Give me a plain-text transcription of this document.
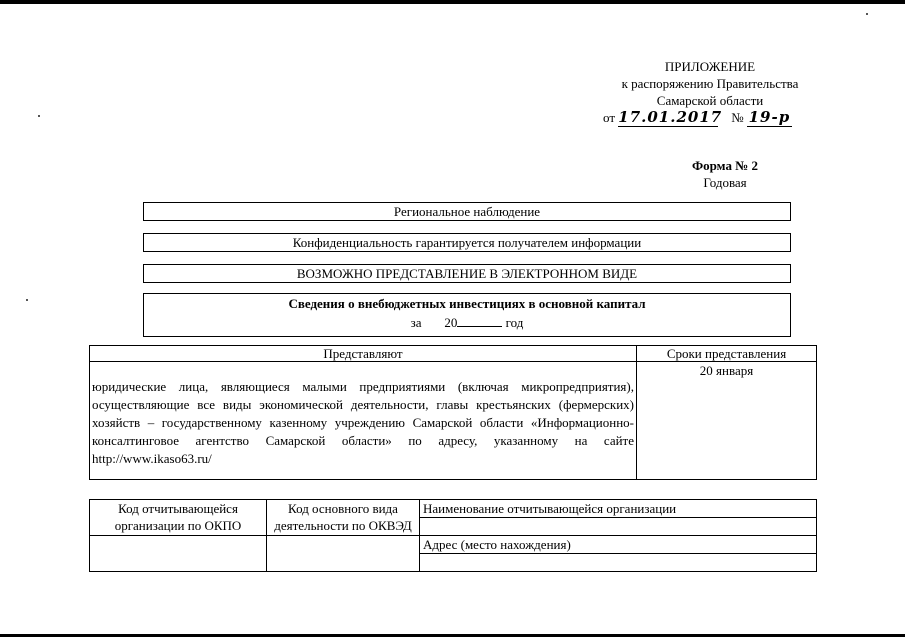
ПРИЛОЖЕНИЕ
к распоряжению Правительства
Самарской области
от 17.01.2017 № 19-р
Форма № 2
Годовая
Региональное наблюдение
Конфиденциальность гарантируется получателем информации
ВОЗМОЖНО ПРЕДСТАВЛЕНИЕ В ЭЛЕКТРОННОМ ВИДЕ
Сведения о внебюджетных инвестициях в основной капитал
за 20	год
Представляют	Сроки представления
юридические лица, являющиеся малыми предприятиями (включая микропредприятия), осуществляющие все виды экономической деятельности, главы крестьянских (фермерских) хозяйств – государственному казенному учреждению Самарской области «Информационно-консалтинговое агентство Самарской области» по адресу, указанному на сайте http://www.ikaso63.ru/	20 января
Код отчитывающейся организации по ОКПО	Код основного вида деятельности по ОКВЭД	Наименование отчитывающейся организации

		Адрес (место нахождения)
